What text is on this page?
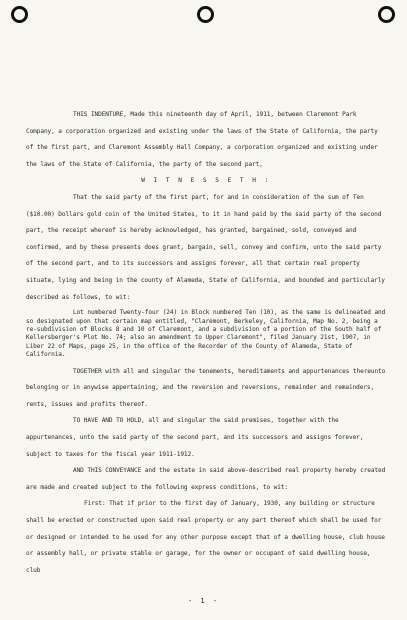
THIS INDENTURE, Made this nineteenth day of April, 1911, between Claremont Park Company, a corporation organized and existing under the laws of the State of California, the party of the first part, and Claremont Assembly Hall Company, a corporation organized and existing under the laws of the State of California, the party of the second part,

W I T N E S S E T H :

That the said party of the first part, for and in consideration of the sum of Ten ($10.00) Dollars gold coin of the United States, to it in hand paid by the said party of the second part, the receipt whereof is hereby acknowledged, has granted, bargained, sold, conveyed and confirmed, and by these presents does grant, bargain, sell, convey and confirm, unto the said party of the second part, and to its successors and assigns forever, all that certain real property situate, lying and being in the county of Alameda, State of California, and bounded and particularly described as follows, to wit:

Lot numbered Twenty-four (24) in Block numbered Ten (10), as the same is delineated and so designated upon that certain map entitled, "Claremont, Berkeley, California, Map No. 2, being a re-subdivision of Blocks 8 and 10 of Claremont, and a subdivision of a portion of the South half of Kellersberger's Plot No. 74; also an amendment to Upper Claremont", filed January 21st, 1907, in Liber 22 of Maps, page 25, in the office of the Recorder of the County of Alameda, State of California.

TOGETHER with all and singular the tenements, hereditaments and appurtenances thereunto belonging or in anywise appertaining, and the reversion and reversions, remainder and remainders, rents, issues and profits thereof.

TO HAVE AND TO HOLD, all and singular the said premises, together with the appurtenances, unto the said party of the second part, and its successors and assigns forever, subject to taxes for the fiscal year 1911-1912.

AND THIS CONVEYANCE and the estate in said above-described real property hereby created are made and created subject to the following express conditions, to wit:

First: That if prior to the first day of January, 1930, any building or structure shall be erected or constructed upon said real property or any part thereof which shall be used for or designed or intended to be used for any other purpose except that of a dwelling house, club house or assembly hall, or private stable or garage, for the owner or occupant of said dwelling house, club

- 1 -
